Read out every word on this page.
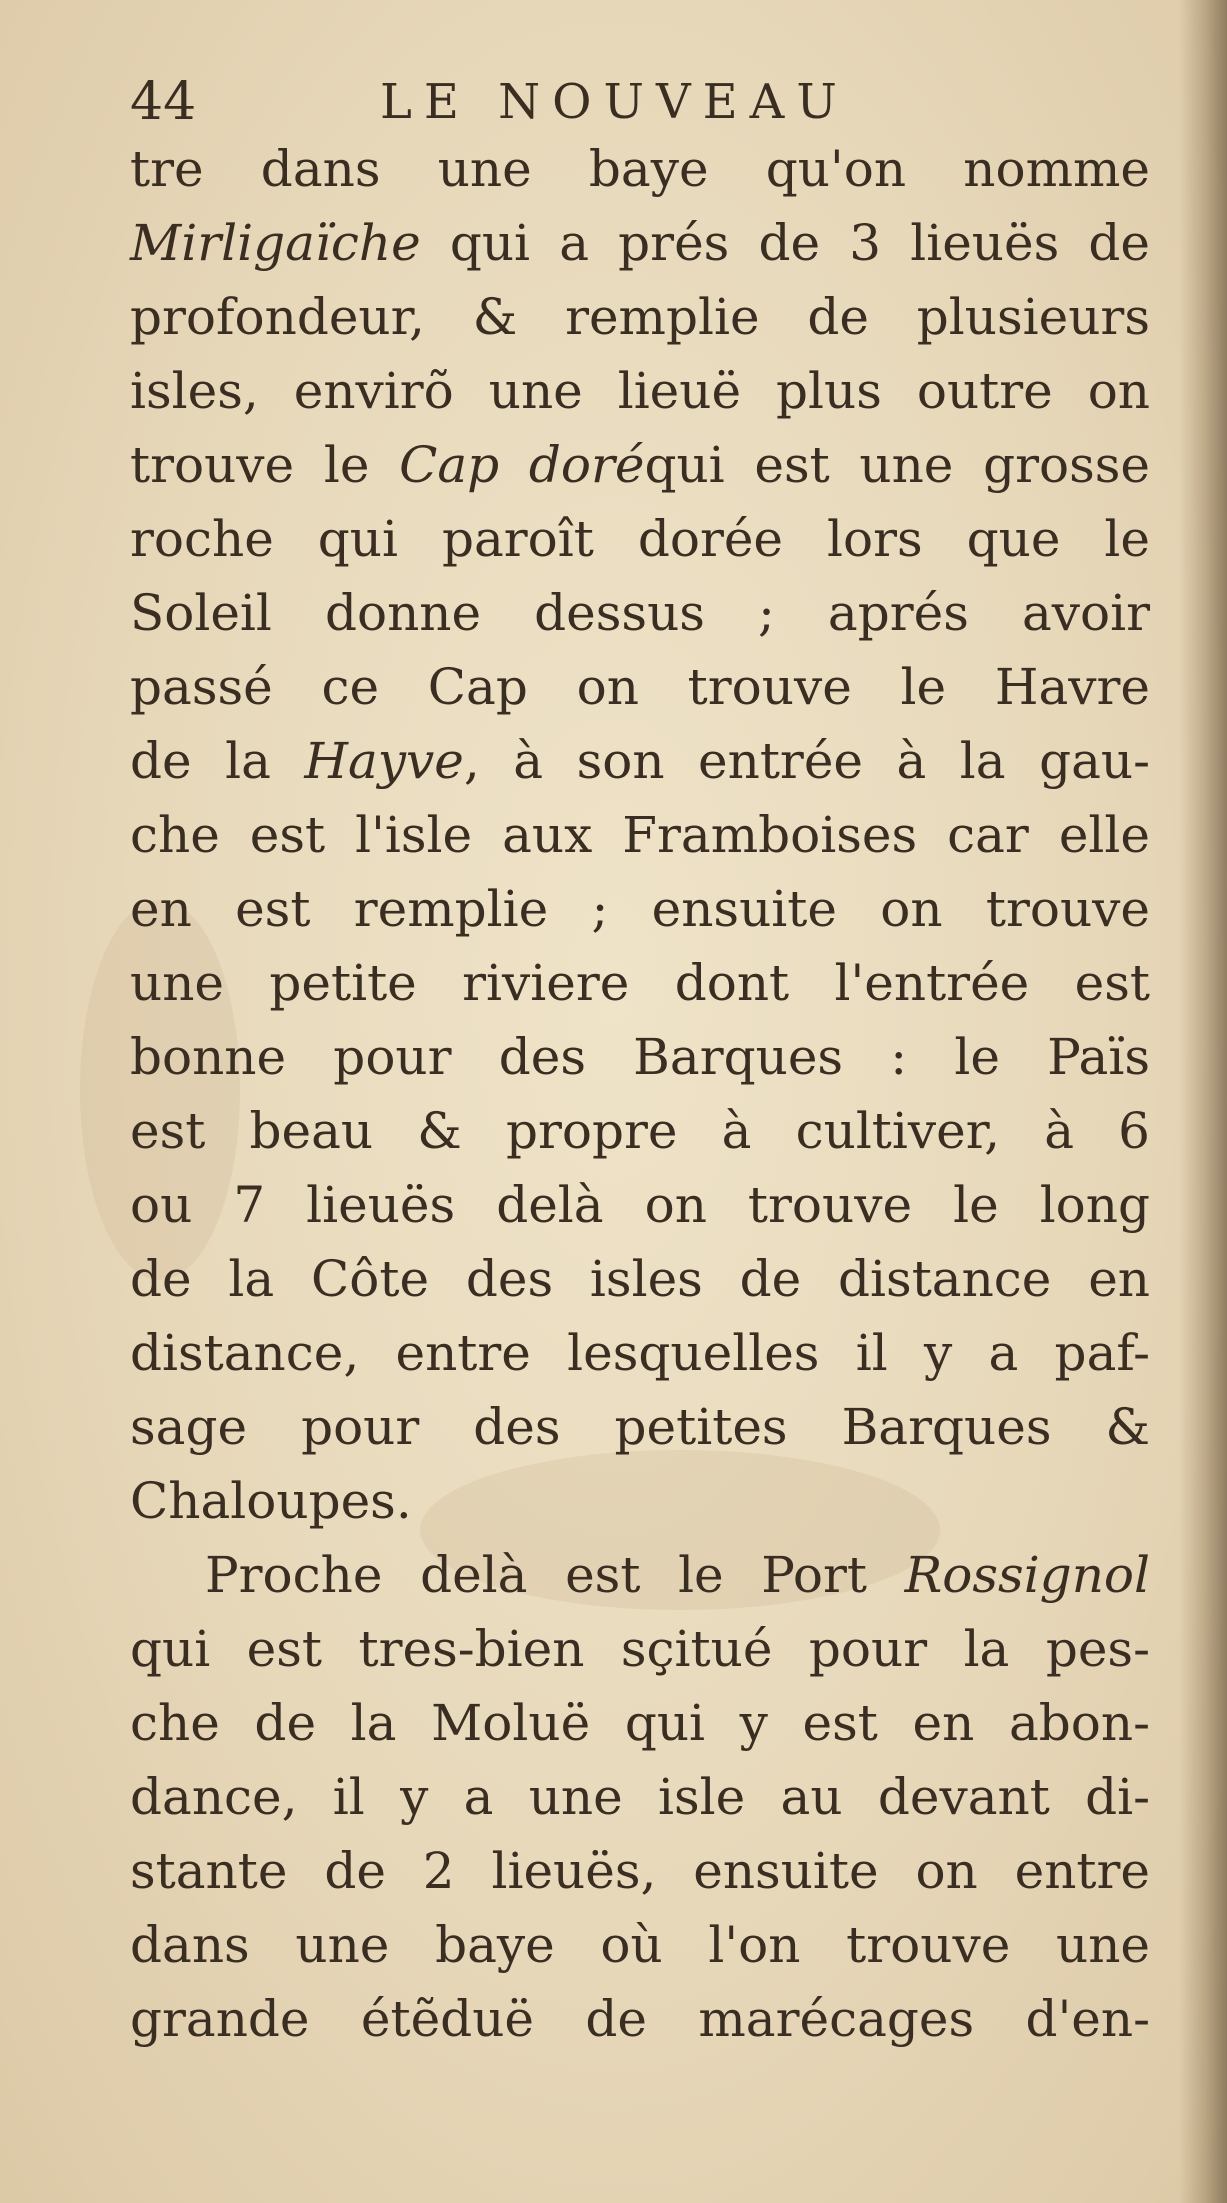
44	LE NOUVEAU
tre dans une baye qu'on nomme
Mirligaïche qui a prés de 3 lieuës de
profondeur, & remplie de plusieurs
isles, envirõ une lieuë plus outre on
trouve le Cap doréqui est une grosse
roche qui paroît dorée lors que le
Soleil donne dessus ; aprés avoir
passé ce Cap on trouve le Havre
de la Hayve, à son entrée à la gau-
che est l'isle aux Framboises car elle
en est remplie ; ensuite on trouve
une petite riviere dont l'entrée est
bonne pour des Barques : le Païs
est beau & propre à cultiver, à 6
ou 7 lieuës delà on trouve le long
de la Côte des isles de distance en
distance, entre lesquelles il y a paf-
sage pour des petites Barques &
Chaloupes.
Proche delà est le Port Rossignol
qui est tres-bien sçitué pour la pes-
che de la Moluë qui y est en abon-
dance, il y a une isle au devant di-
stante de 2 lieuës, ensuite on entre
dans une baye où l'on trouve une
grande étẽduë de marécages d'en-
